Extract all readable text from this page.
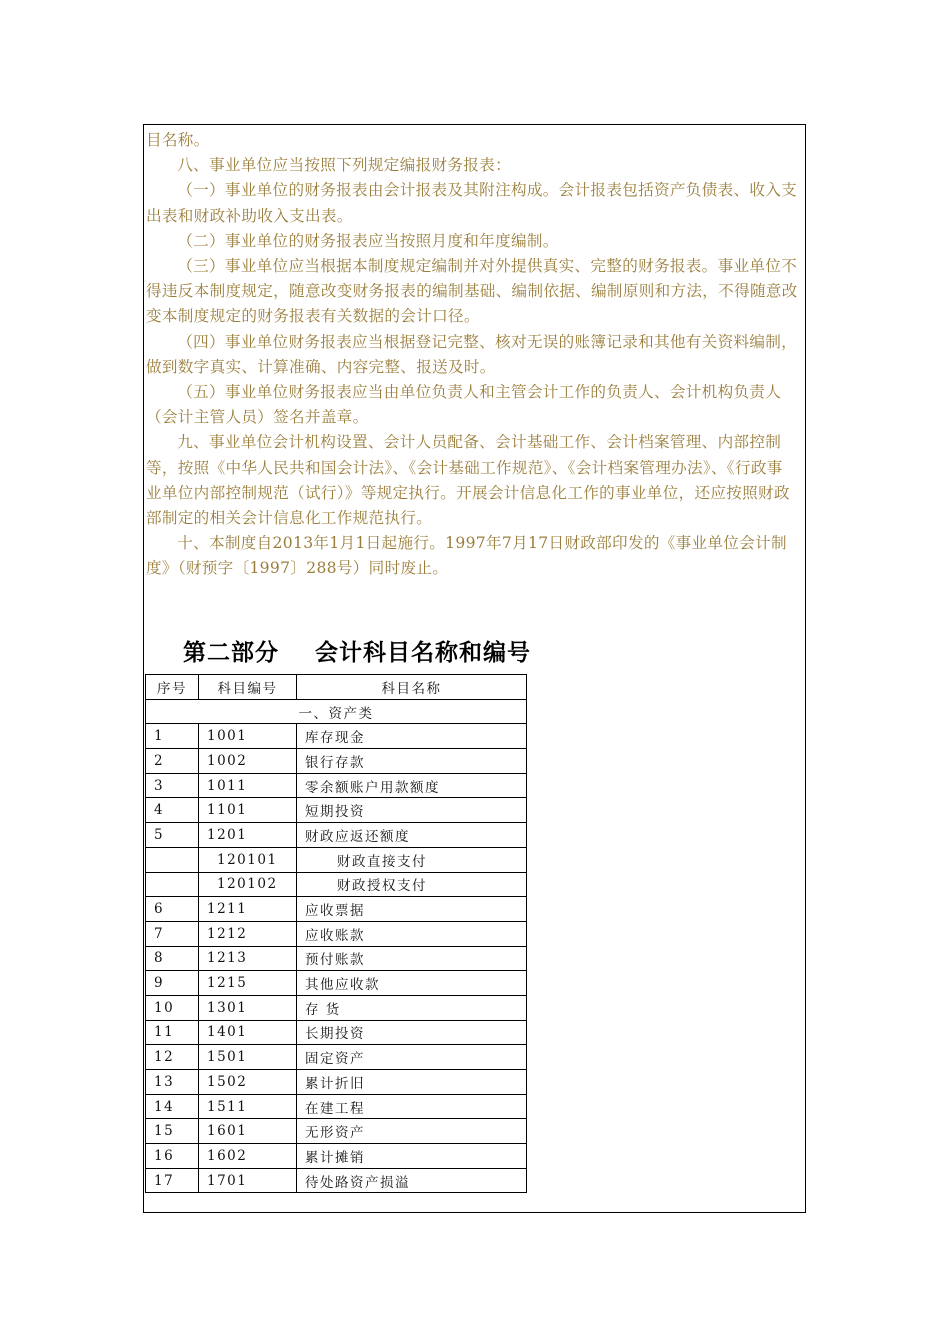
目名称。

八、事业单位应当按照下列规定编报财务报表：

（一）事业单位的财务报表由会计报表及其附注构成。会计报表包括资产负债表、收入支出表和财政补助收入支出表。

（二）事业单位的财务报表应当按照月度和年度编制。

（三）事业单位应当根据本制度规定编制并对外提供真实、完整的财务报表。事业单位不得违反本制度规定，随意改变财务报表的编制基础、编制依据、编制原则和方法，不得随意改变本制度规定的财务报表有关数据的会计口径。

（四）事业单位财务报表应当根据登记完整、核对无误的账簿记录和其他有关资料编制，做到数字真实、计算准确、内容完整、报送及时。

（五）事业单位财务报表应当由单位负责人和主管会计工作的负责人、会计机构负责人（会计主管人员）签名并盖章。

九、事业单位会计机构设置、会计人员配备、会计基础工作、会计档案管理、内部控制等，按照《中华人民共和国会计法》、《会计基础工作规范》、《会计档案管理办法》、《行政事业单位内部控制规范（试行）》等规定执行。开展会计信息化工作的事业单位，还应按照财政部制定的相关会计信息化工作规范执行。

十、本制度自2013年1月1日起施行。1997年7月17日财政部印发的《事业单位会计制度》（财预字〔1997〕288号）同时废止。

第二部分    会计科目名称和编号
序号	科目编号	科目名称
一、资产类		
1	1001	库存现金
2	1002	银行存款
3	1011	零余额账户用款额度
4	1101	短期投资
5	1201	财政应返还额度
	120101	财政直接支付
	120102	财政授权支付
6	1211	应收票据
7	1212	应收账款
8	1213	预付账款
9	1215	其他应收款
10	1301	存 货
11	1401	长期投资
12	1501	固定资产
13	1502	累计折旧
14	1511	在建工程
15	1601	无形资产
16	1602	累计摊销
17	1701	待处路资产损溢
